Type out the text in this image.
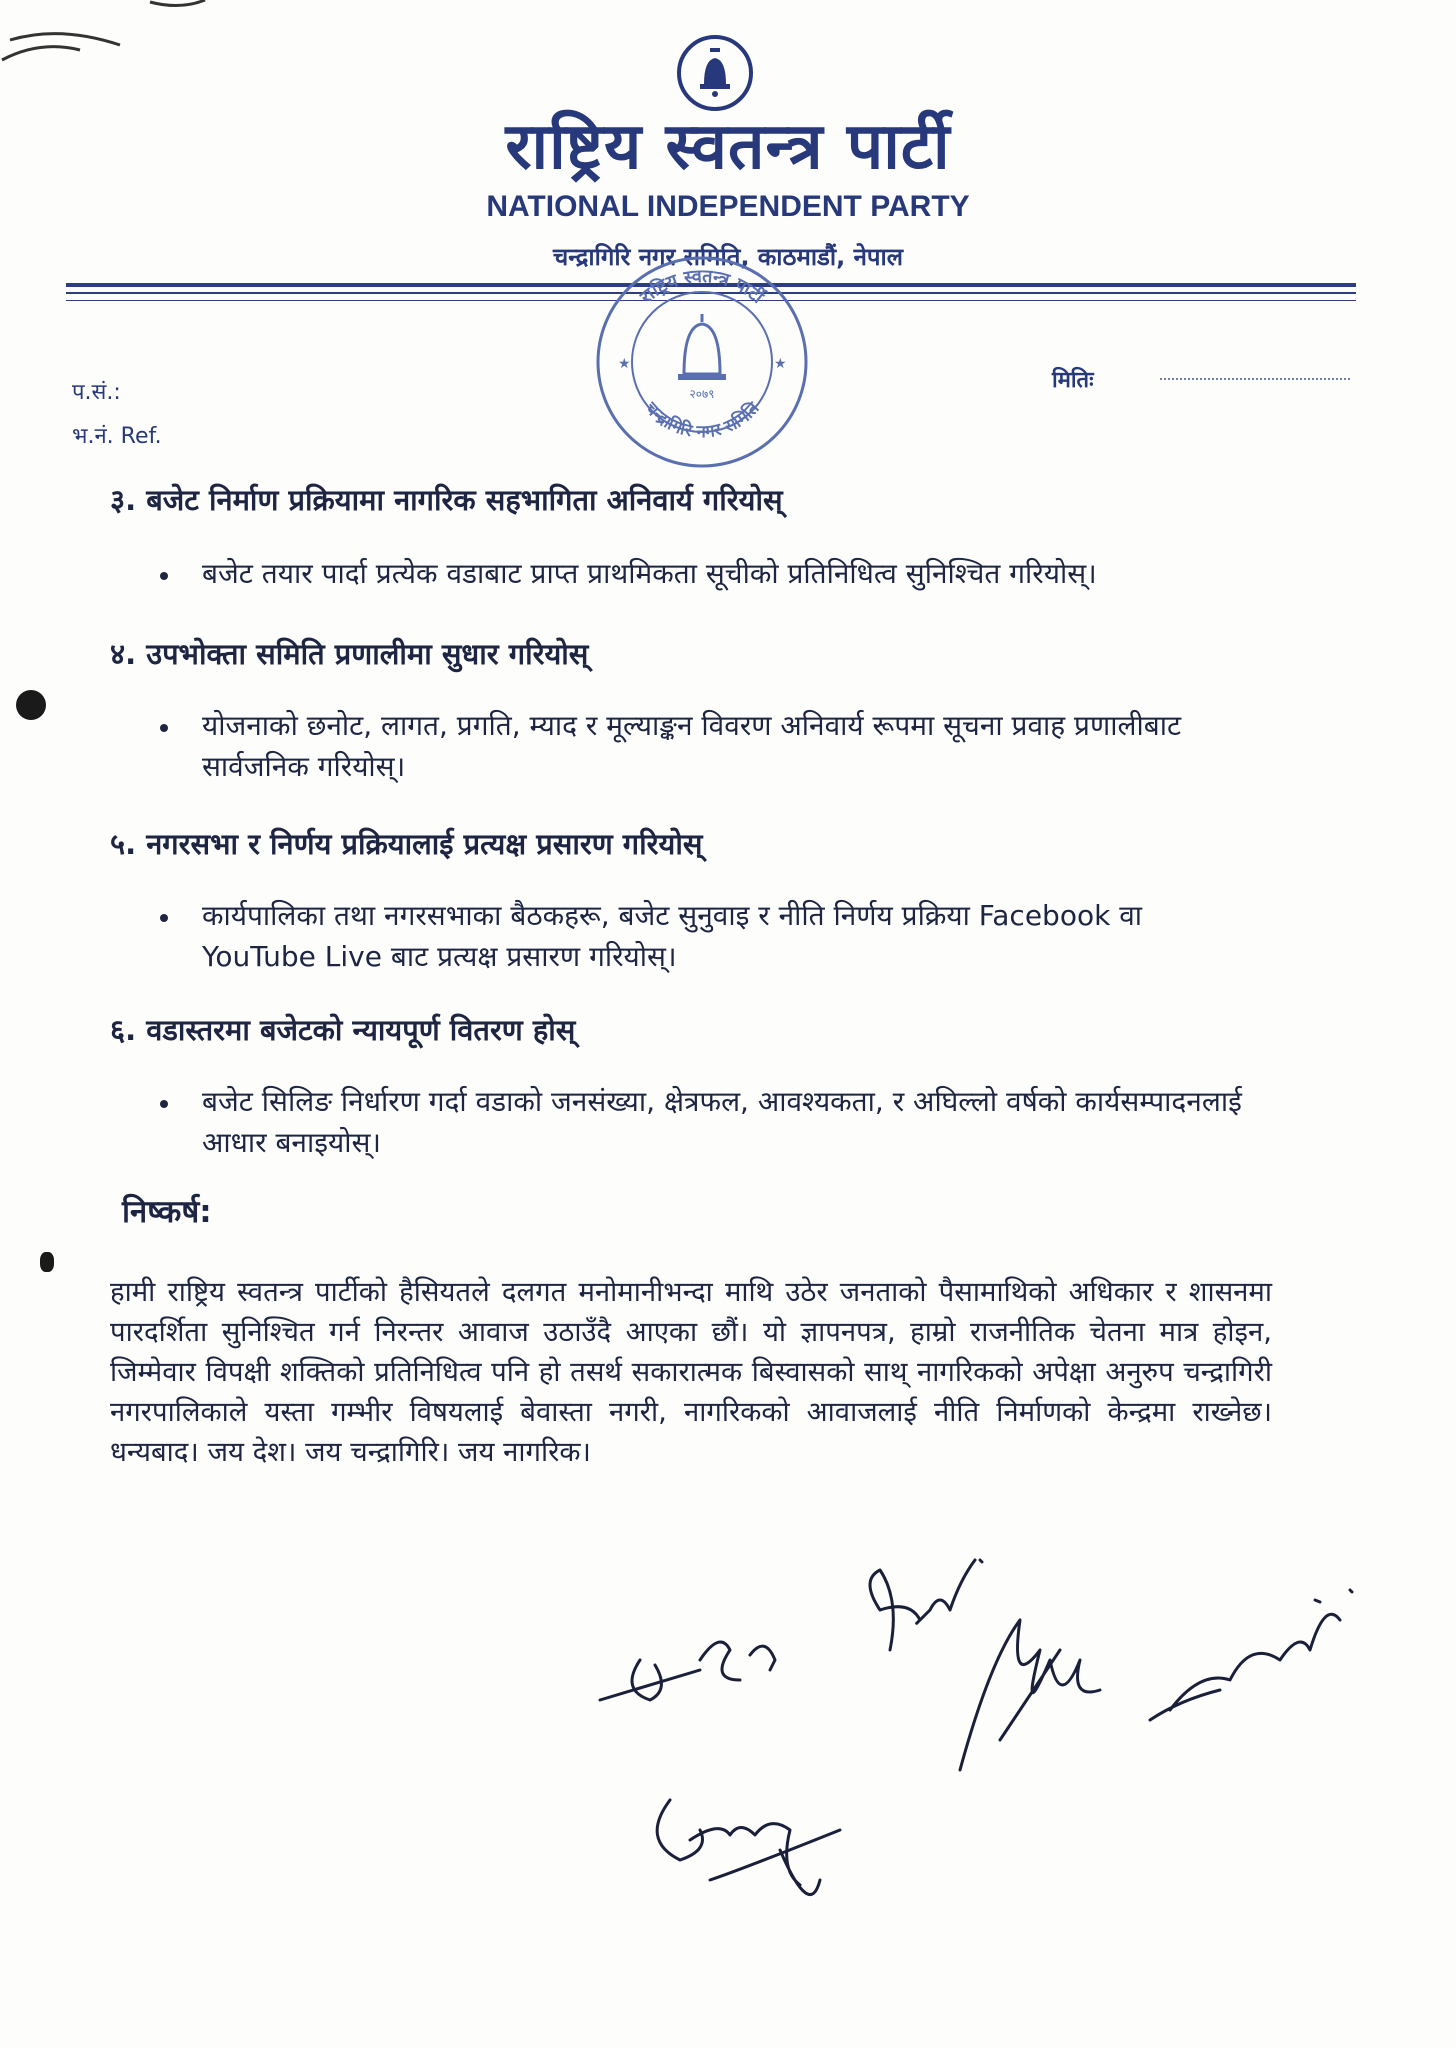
राष्ट्रिय स्वतन्त्र पार्टी
NATIONAL INDEPENDENT PARTY
चन्द्रागिरि नगर समिति, काठमाडौं, नेपाल
राष्ट्रिय स्वतन्त्र पार्टी
चन्द्रागिरि नगर समिति
★	★
२०७९
प.सं.:
भ.नं. Ref.
मितिः
३. बजेट निर्माण प्रक्रियामा नागरिक सहभागिता अनिवार्य गरियोस्
बजेट तयार पार्दा प्रत्येक वडाबाट प्राप्त प्राथमिकता सूचीको प्रतिनिधित्व सुनिश्चित गरियोस्।
४. उपभोक्ता समिति प्रणालीमा सुधार गरियोस्
योजनाको छनोट, लागत, प्रगति, म्याद र मूल्याङ्कन विवरण अनिवार्य रूपमा सूचना प्रवाह प्रणालीबाट सार्वजनिक गरियोस्।
५. नगरसभा र निर्णय प्रक्रियालाई प्रत्यक्ष प्रसारण गरियोस्
कार्यपालिका तथा नगरसभाका बैठकहरू, बजेट सुनुवाइ र नीति निर्णय प्रक्रिया Facebook वा YouTube Live बाट प्रत्यक्ष प्रसारण गरियोस्।
६. वडास्तरमा बजेटको न्यायपूर्ण वितरण होस्
बजेट सिलिङ निर्धारण गर्दा वडाको जनसंख्या, क्षेत्रफल, आवश्यकता, र अघिल्लो वर्षको कार्यसम्पादनलाई आधार बनाइयोस्।
निष्कर्ष:
हामी राष्ट्रिय स्वतन्त्र पार्टीको हैसियतले दलगत मनोमानीभन्दा माथि उठेर जनताको पैसामाथिको अधिकार र शासनमा पारदर्शिता सुनिश्चित गर्न निरन्तर आवाज उठाउँदै आएका छौं। यो ज्ञापनपत्र, हाम्रो राजनीतिक चेतना मात्र होइन, जिम्मेवार विपक्षी शक्तिको प्रतिनिधित्व पनि हो तसर्थ सकारात्मक बिस्वासको साथ् नागरिकको अपेक्षा अनुरुप चन्द्रागिरी नगरपालिकाले यस्ता गम्भीर विषयलाई बेवास्ता नगरी, नागरिकको आवाजलाई नीति निर्माणको केन्द्रमा राख्नेछ। धन्यबाद। जय देश। जय चन्द्रागिरि। जय नागरिक।
